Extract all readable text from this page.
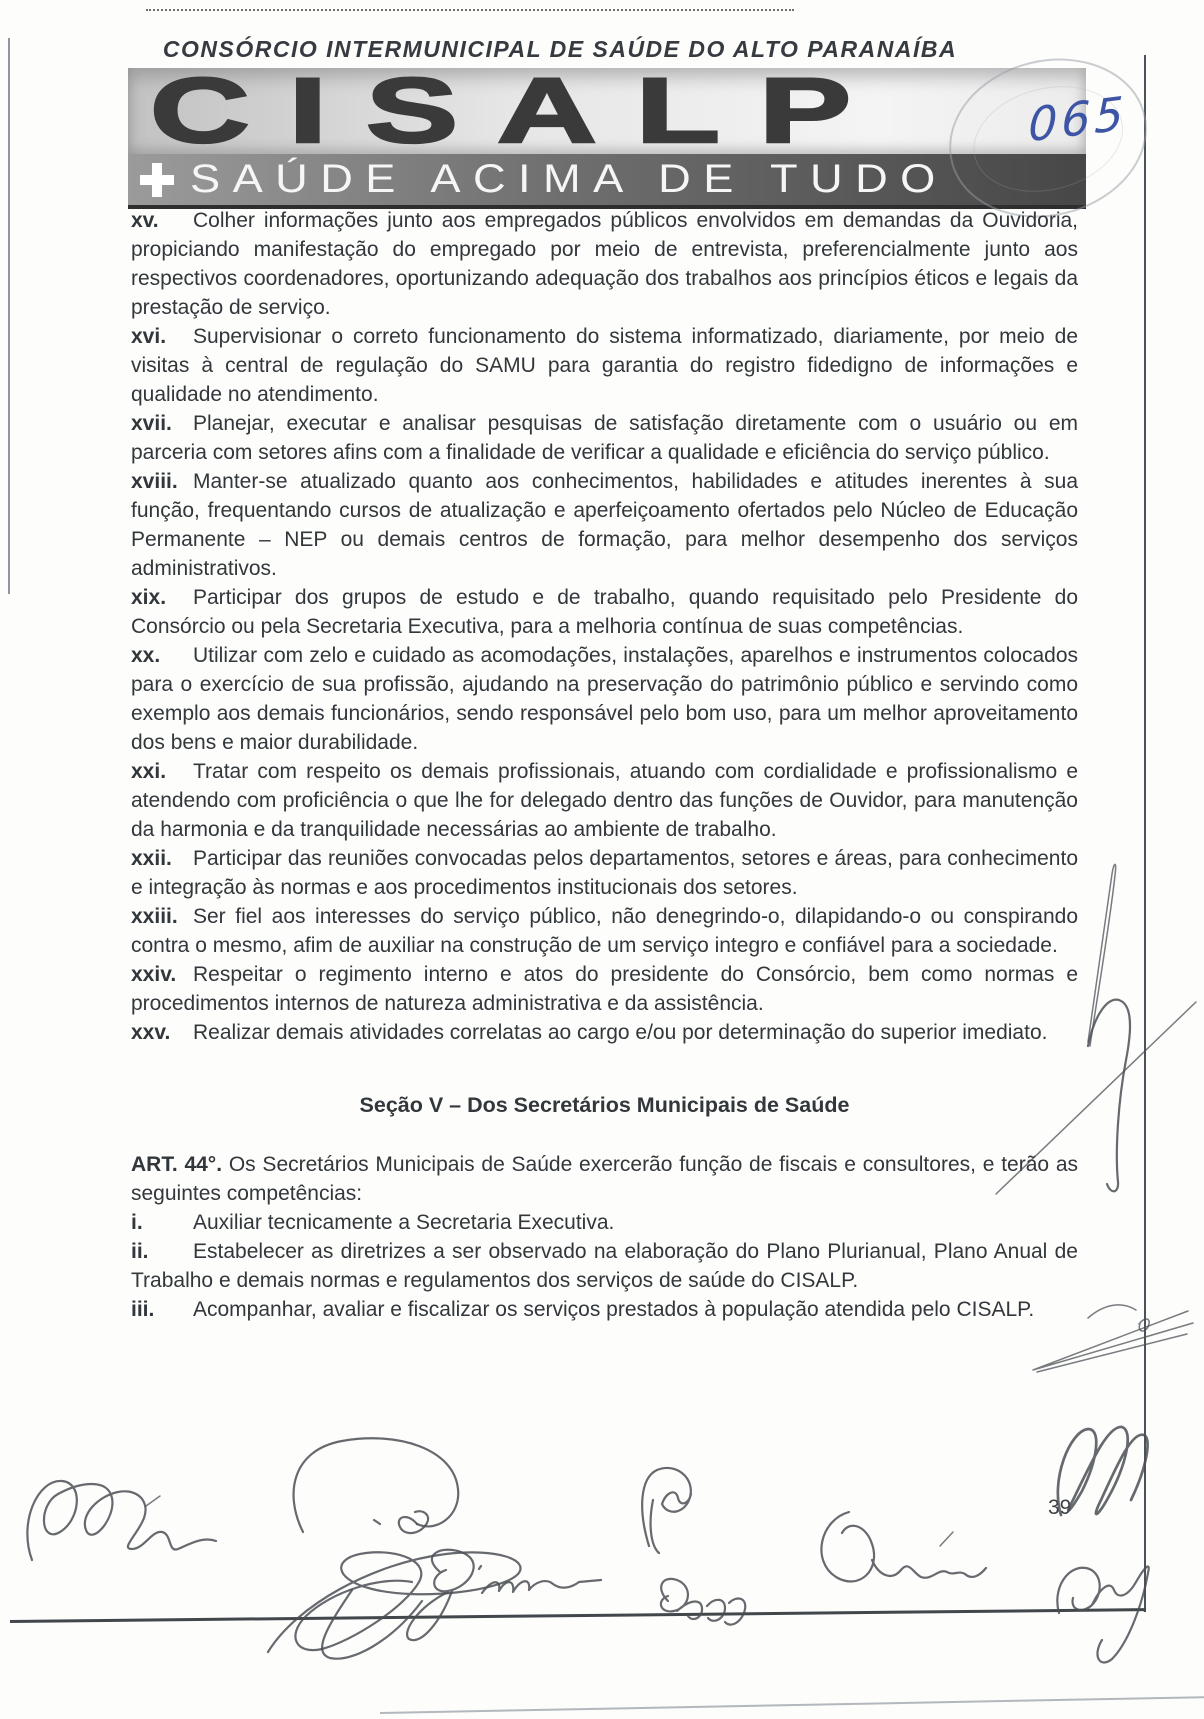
CONSÓRCIO INTERMUNICIPAL DE SAÚDE DO ALTO PARANAÍBA
CISALP
SAÚDE ACIMA DE TUDO
065

xv. Colher informações junto aos empregados públicos envolvidos em demandas da Ouvidoria, propiciando manifestação do empregado por meio de entrevista, preferencialmente junto aos respectivos coordenadores, oportunizando adequação dos trabalhos aos princípios éticos e legais da prestação de serviço.

xvi. Supervisionar o correto funcionamento do sistema informatizado, diariamente, por meio de visitas à central de regulação do SAMU para garantia do registro fidedigno de informações e qualidade no atendimento.

xvii. Planejar, executar e analisar pesquisas de satisfação diretamente com o usuário ou em parceria com setores afins com a finalidade de verificar a qualidade e eficiência do serviço público.

xviii. Manter-se atualizado quanto aos conhecimentos, habilidades e atitudes inerentes à sua função, frequentando cursos de atualização e aperfeiçoamento ofertados pelo Núcleo de Educação Permanente – NEP ou demais centros de formação, para melhor desempenho dos serviços administrativos.

xix. Participar dos grupos de estudo e de trabalho, quando requisitado pelo Presidente do Consórcio ou pela Secretaria Executiva, para a melhoria contínua de suas competências.

xx. Utilizar com zelo e cuidado as acomodações, instalações, aparelhos e instrumentos colocados para o exercício de sua profissão, ajudando na preservação do patrimônio público e servindo como exemplo aos demais funcionários, sendo responsável pelo bom uso, para um melhor aproveitamento dos bens e maior durabilidade.

xxi. Tratar com respeito os demais profissionais, atuando com cordialidade e profissionalismo e atendendo com proficiência o que lhe for delegado dentro das funções de Ouvidor, para manutenção da harmonia e da tranquilidade necessárias ao ambiente de trabalho.

xxii. Participar das reuniões convocadas pelos departamentos, setores e áreas, para conhecimento e integração às normas e aos procedimentos institucionais dos setores.

xxiii. Ser fiel aos interesses do serviço público, não denegrindo-o, dilapidando-o ou conspirando contra o mesmo, afim de auxiliar na construção de um serviço integro e confiável para a sociedade.

xxiv. Respeitar o regimento interno e atos do presidente do Consórcio, bem como normas e procedimentos internos de natureza administrativa e da assistência.

xxv. Realizar demais atividades correlatas ao cargo e/ou por determinação do superior imediato.

Seção V – Dos Secretários Municipais de Saúde

ART. 44°. Os Secretários Municipais de Saúde exercerão função de fiscais e consultores, e terão as seguintes competências:

i. Auxiliar tecnicamente a Secretaria Executiva.

ii. Estabelecer as diretrizes a ser observado na elaboração do Plano Plurianual, Plano Anual de Trabalho e demais normas e regulamentos dos serviços de saúde do CISALP.

iii. Acompanhar, avaliar e fiscalizar os serviços prestados à população atendida pelo CISALP.

39
